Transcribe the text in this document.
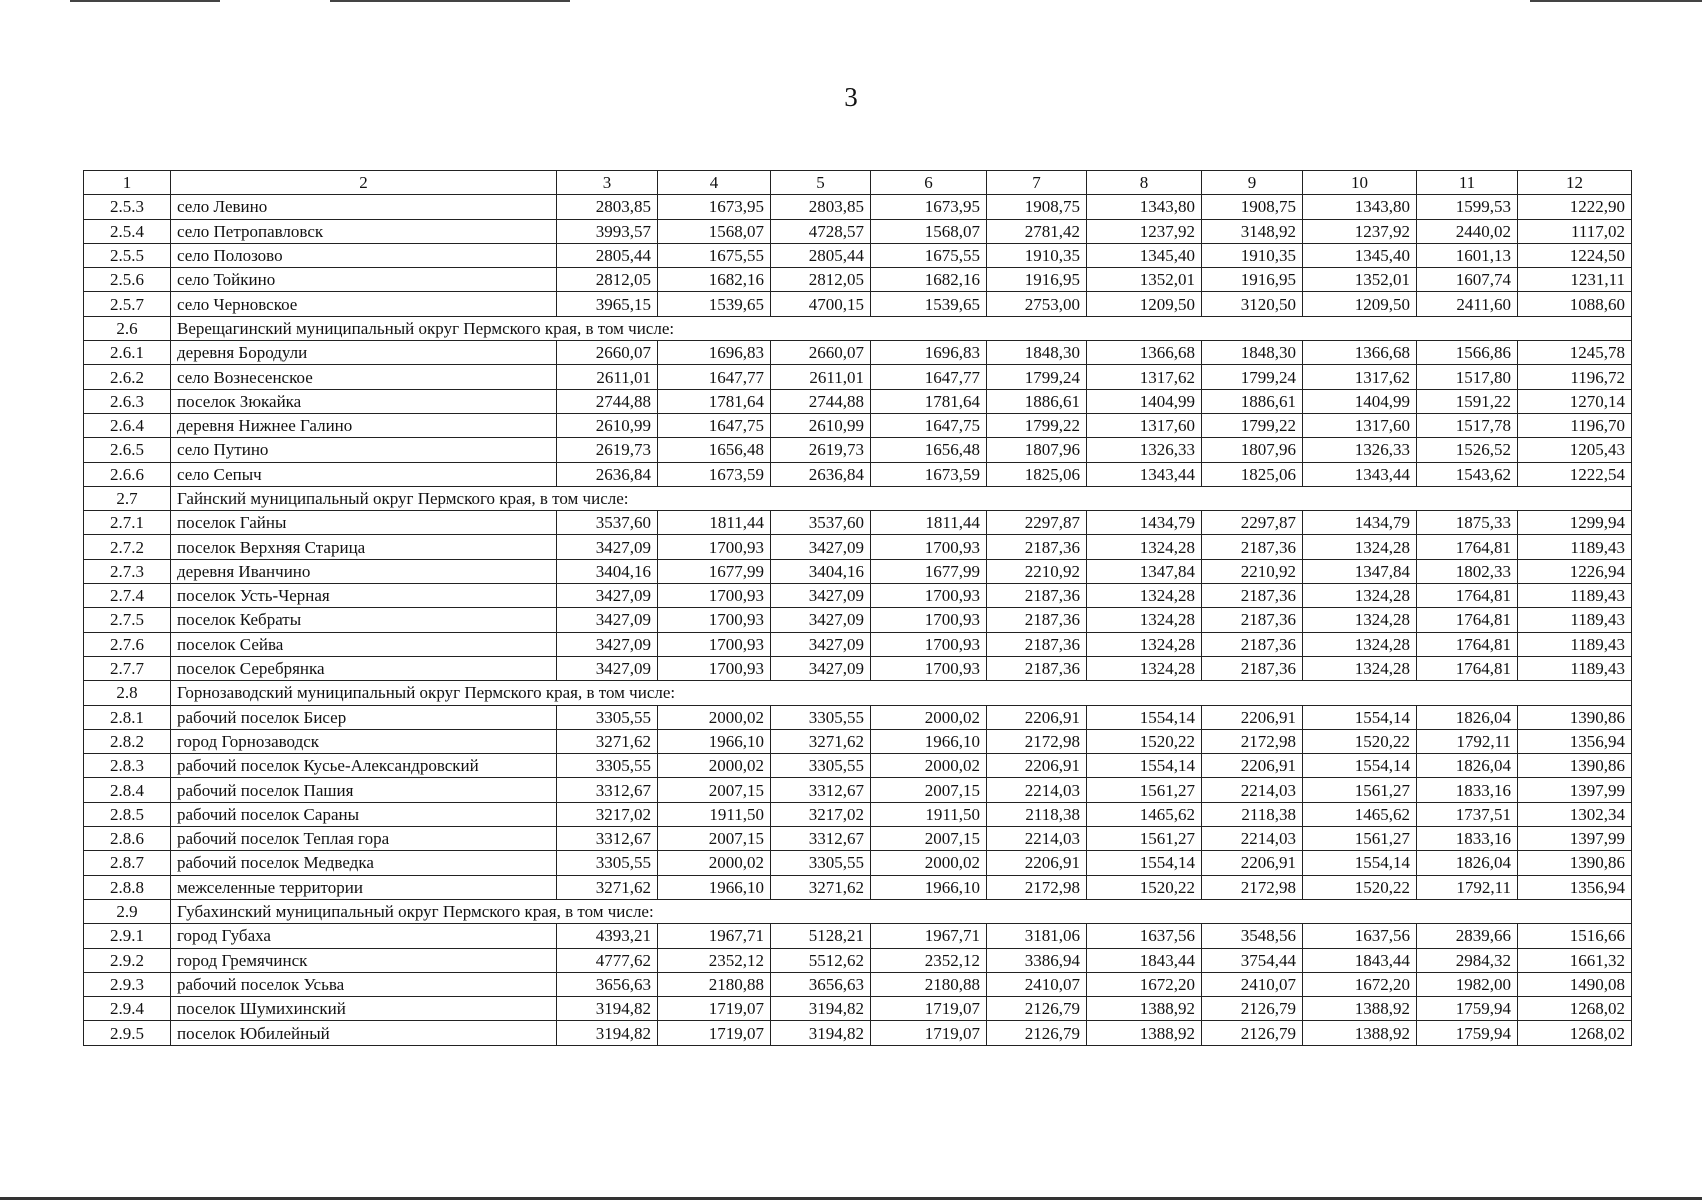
3
1	2	3	4	5	6	7	8	9	10	11	12
2.5.3	село Левино	2803,85	1673,95	2803,85	1673,95	1908,75	1343,80	1908,75	1343,80	1599,53	1222,90
2.5.4	село Петропавловск	3993,57	1568,07	4728,57	1568,07	2781,42	1237,92	3148,92	1237,92	2440,02	1117,02
2.5.5	село Полозово	2805,44	1675,55	2805,44	1675,55	1910,35	1345,40	1910,35	1345,40	1601,13	1224,50
2.5.6	село Тойкино	2812,05	1682,16	2812,05	1682,16	1916,95	1352,01	1916,95	1352,01	1607,74	1231,11
2.5.7	село Черновское	3965,15	1539,65	4700,15	1539,65	2753,00	1209,50	3120,50	1209,50	2411,60	1088,60
2.6	Верещагинский муниципальный округ Пермского края, в том числе:										
2.6.1	деревня Бородули	2660,07	1696,83	2660,07	1696,83	1848,30	1366,68	1848,30	1366,68	1566,86	1245,78
2.6.2	село Вознесенское	2611,01	1647,77	2611,01	1647,77	1799,24	1317,62	1799,24	1317,62	1517,80	1196,72
2.6.3	поселок Зюкайка	2744,88	1781,64	2744,88	1781,64	1886,61	1404,99	1886,61	1404,99	1591,22	1270,14
2.6.4	деревня Нижнее Галино	2610,99	1647,75	2610,99	1647,75	1799,22	1317,60	1799,22	1317,60	1517,78	1196,70
2.6.5	село Путино	2619,73	1656,48	2619,73	1656,48	1807,96	1326,33	1807,96	1326,33	1526,52	1205,43
2.6.6	село Сепыч	2636,84	1673,59	2636,84	1673,59	1825,06	1343,44	1825,06	1343,44	1543,62	1222,54
2.7	Гайнский муниципальный округ Пермского края, в том числе:										
2.7.1	поселок Гайны	3537,60	1811,44	3537,60	1811,44	2297,87	1434,79	2297,87	1434,79	1875,33	1299,94
2.7.2	поселок Верхняя Старица	3427,09	1700,93	3427,09	1700,93	2187,36	1324,28	2187,36	1324,28	1764,81	1189,43
2.7.3	деревня Иванчино	3404,16	1677,99	3404,16	1677,99	2210,92	1347,84	2210,92	1347,84	1802,33	1226,94
2.7.4	поселок Усть-Черная	3427,09	1700,93	3427,09	1700,93	2187,36	1324,28	2187,36	1324,28	1764,81	1189,43
2.7.5	поселок Кебраты	3427,09	1700,93	3427,09	1700,93	2187,36	1324,28	2187,36	1324,28	1764,81	1189,43
2.7.6	поселок Сейва	3427,09	1700,93	3427,09	1700,93	2187,36	1324,28	2187,36	1324,28	1764,81	1189,43
2.7.7	поселок Серебрянка	3427,09	1700,93	3427,09	1700,93	2187,36	1324,28	2187,36	1324,28	1764,81	1189,43
2.8	Горнозаводский муниципальный округ Пермского края, в том числе:										
2.8.1	рабочий поселок Бисер	3305,55	2000,02	3305,55	2000,02	2206,91	1554,14	2206,91	1554,14	1826,04	1390,86
2.8.2	город Горнозаводск	3271,62	1966,10	3271,62	1966,10	2172,98	1520,22	2172,98	1520,22	1792,11	1356,94
2.8.3	рабочий поселок Кусье-Александровский	3305,55	2000,02	3305,55	2000,02	2206,91	1554,14	2206,91	1554,14	1826,04	1390,86
2.8.4	рабочий поселок Пашия	3312,67	2007,15	3312,67	2007,15	2214,03	1561,27	2214,03	1561,27	1833,16	1397,99
2.8.5	рабочий поселок Сараны	3217,02	1911,50	3217,02	1911,50	2118,38	1465,62	2118,38	1465,62	1737,51	1302,34
2.8.6	рабочий поселок Теплая гора	3312,67	2007,15	3312,67	2007,15	2214,03	1561,27	2214,03	1561,27	1833,16	1397,99
2.8.7	рабочий поселок Медведка	3305,55	2000,02	3305,55	2000,02	2206,91	1554,14	2206,91	1554,14	1826,04	1390,86
2.8.8	межселенные территории	3271,62	1966,10	3271,62	1966,10	2172,98	1520,22	2172,98	1520,22	1792,11	1356,94
2.9	Губахинский муниципальный округ Пермского края, в том числе:										
2.9.1	город Губаха	4393,21	1967,71	5128,21	1967,71	3181,06	1637,56	3548,56	1637,56	2839,66	1516,66
2.9.2	город Гремячинск	4777,62	2352,12	5512,62	2352,12	3386,94	1843,44	3754,44	1843,44	2984,32	1661,32
2.9.3	рабочий поселок Усьва	3656,63	2180,88	3656,63	2180,88	2410,07	1672,20	2410,07	1672,20	1982,00	1490,08
2.9.4	поселок Шумихинский	3194,82	1719,07	3194,82	1719,07	2126,79	1388,92	2126,79	1388,92	1759,94	1268,02
2.9.5	поселок Юбилейный	3194,82	1719,07	3194,82	1719,07	2126,79	1388,92	2126,79	1388,92	1759,94	1268,02
